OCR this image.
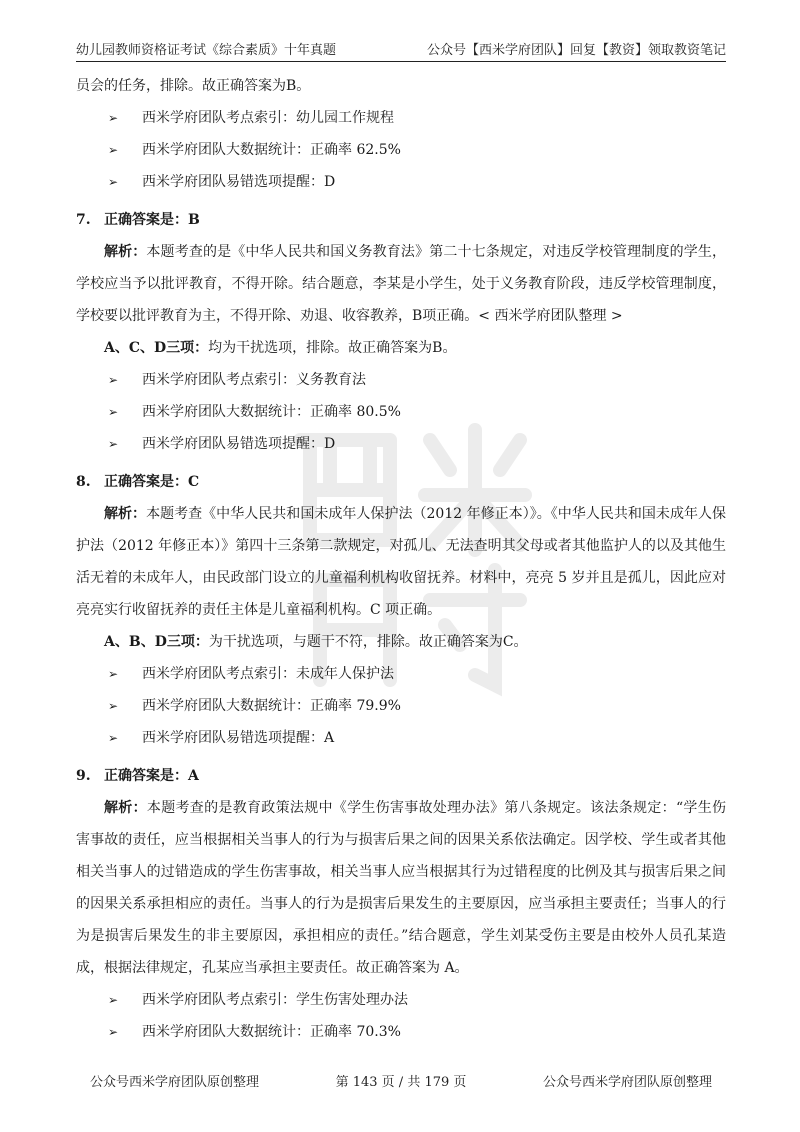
幼儿园教师资格证考试《综合素质》十年真题	公众号【西米学府团队】回复【教资】领取教资笔记

员会的任务，排除。故正确答案为B。

➢	西米学府团队考点索引：幼儿园工作规程
➢	西米学府团队大数据统计：正确率 62.5%
➢	西米学府团队易错选项提醒：D
7. 正确答案是：B

解析：本题考查的是《中华人民共和国义务教育法》第二十七条规定，对违反学校管理制度的学生，学校应当予以批评教育，不得开除。结合题意，李某是小学生，处于义务教育阶段，违反学校管理制度，学校要以批评教育为主，不得开除、劝退、收容教养，B项正确。< 西米学府团队整理 >

A、C、D三项：均为干扰选项，排除。故正确答案为B。

➢	西米学府团队考点索引：义务教育法
➢	西米学府团队大数据统计：正确率 80.5%
➢	西米学府团队易错选项提醒：D
8. 正确答案是：C

解析：本题考查《中华人民共和国未成年人保护法（2012 年修正本）》。《中华人民共和国未成年人保护法（2012 年修正本）》第四十三条第二款规定，对孤儿、无法查明其父母或者其他监护人的以及其他生活无着的未成年人，由民政部门设立的儿童福利机构收留抚养。材料中，亮亮 5 岁并且是孤儿，因此应对亮亮实行收留抚养的责任主体是儿童福利机构。C 项正确。

A、B、D三项：为干扰选项，与题干不符，排除。故正确答案为C。

➢	西米学府团队考点索引：未成年人保护法
➢	西米学府团队大数据统计：正确率 79.9%
➢	西米学府团队易错选项提醒：A
9. 正确答案是：A

解析：本题考查的是教育政策法规中《学生伤害事故处理办法》第八条规定。该法条规定：“学生伤害事故的责任，应当根据相关当事人的行为与损害后果之间的因果关系依法确定。因学校、学生或者其他相关当事人的过错造成的学生伤害事故，相关当事人应当根据其行为过错程度的比例及其与损害后果之间的因果关系承担相应的责任。当事人的行为是损害后果发生的主要原因，应当承担主要责任；当事人的行为是损害后果发生的非主要原因，承担相应的责任。”结合题意，学生刘某受伤主要是由校外人员孔某造成，根据法律规定，孔某应当承担主要责任。故正确答案为 A。

➢	西米学府团队考点索引：学生伤害处理办法
➢	西米学府团队大数据统计：正确率 70.3%
公众号西米学府团队原创整理	第 143 页 / 共 179 页	公众号西米学府团队原创整理
